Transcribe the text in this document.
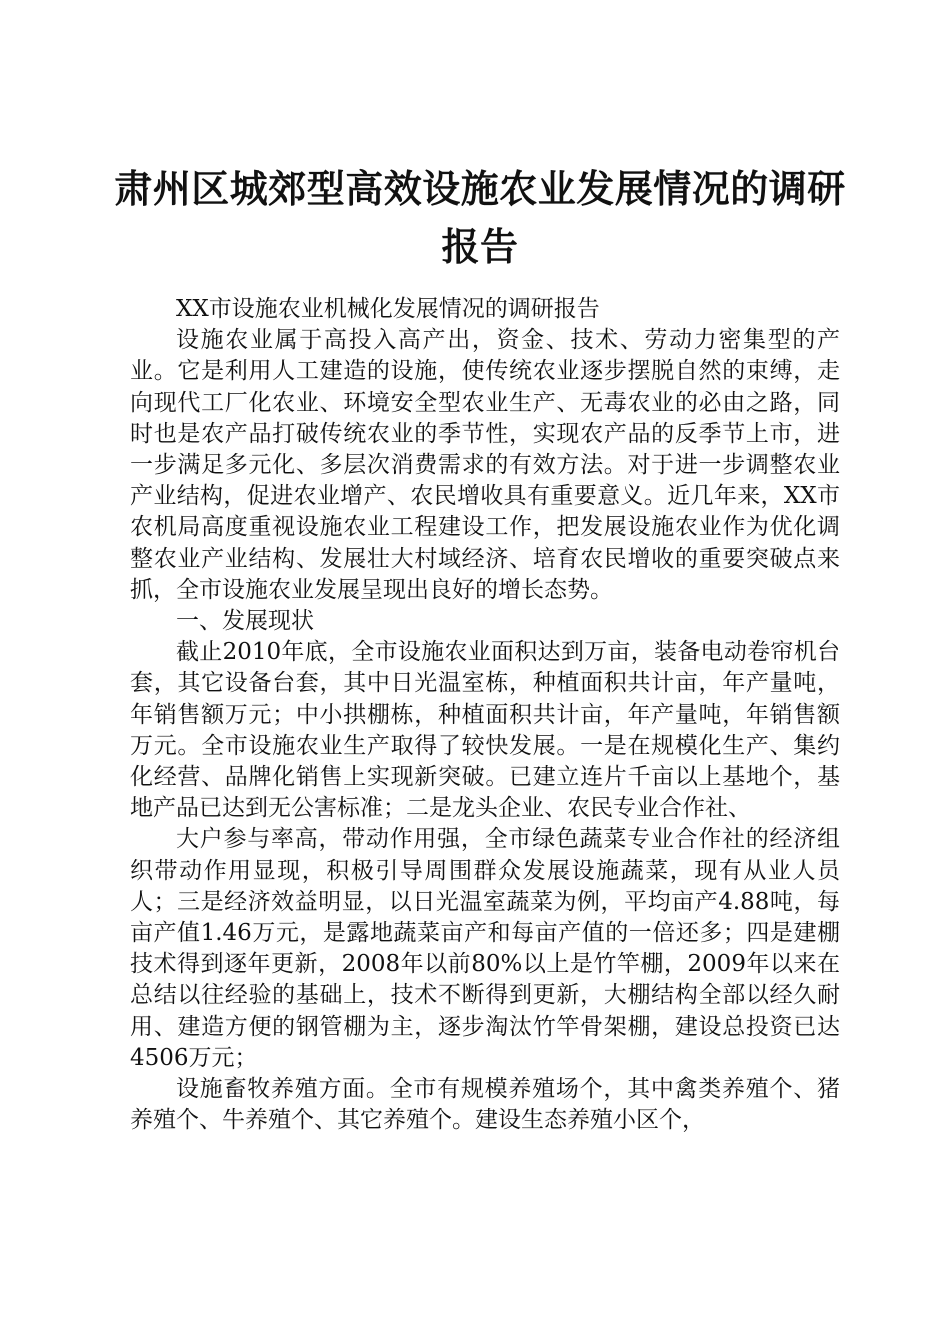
肃州区城郊型高效设施农业发展情况的调研报告

XX市设施农业机械化发展情况的调研报告

设施农业属于高投入高产出，资金、技术、劳动力密集型的产业。它是利用人工建造的设施，使传统农业逐步摆脱自然的束缚，走向现代工厂化农业、环境安全型农业生产、无毒农业的必由之路，同时也是农产品打破传统农业的季节性，实现农产品的反季节上市，进一步满足多元化、多层次消费需求的有效方法。对于进一步调整农业产业结构，促进农业增产、农民增收具有重要意义。近几年来，XX市农机局高度重视设施农业工程建设工作，把发展设施农业作为优化调整农业产业结构、发展壮大村域经济、培育农民增收的重要突破点来抓，全市设施农业发展呈现出良好的增长态势。

一、发展现状

截止2010年底，全市设施农业面积达到万亩，装备电动卷帘机台套，其它设备台套，其中日光温室栋，种植面积共计亩，年产量吨，年销售额万元；中小拱棚栋，种植面积共计亩，年产量吨，年销售额万元。全市设施农业生产取得了较快发展。一是在规模化生产、集约化经营、品牌化销售上实现新突破。已建立连片千亩以上基地个，基地产品已达到无公害标准；二是龙头企业、农民专业合作社、

大户参与率高，带动作用强，全市绿色蔬菜专业合作社的经济组织带动作用显现，积极引导周围群众发展设施蔬菜，现有从业人员人；三是经济效益明显，以日光温室蔬菜为例，平均亩产4.88吨，每亩产值1.46万元，是露地蔬菜亩产和每亩产值的一倍还多；四是建棚技术得到逐年更新，2008年以前80%以上是竹竿棚，2009年以来在总结以往经验的基础上，技术不断得到更新，大棚结构全部以经久耐用、建造方便的钢管棚为主，逐步淘汰竹竿骨架棚，建设总投资已达4506万元；

设施畜牧养殖方面。全市有规模养殖场个，其中禽类养殖个、猪养殖个、牛养殖个、其它养殖个。建设生态养殖小区个，
